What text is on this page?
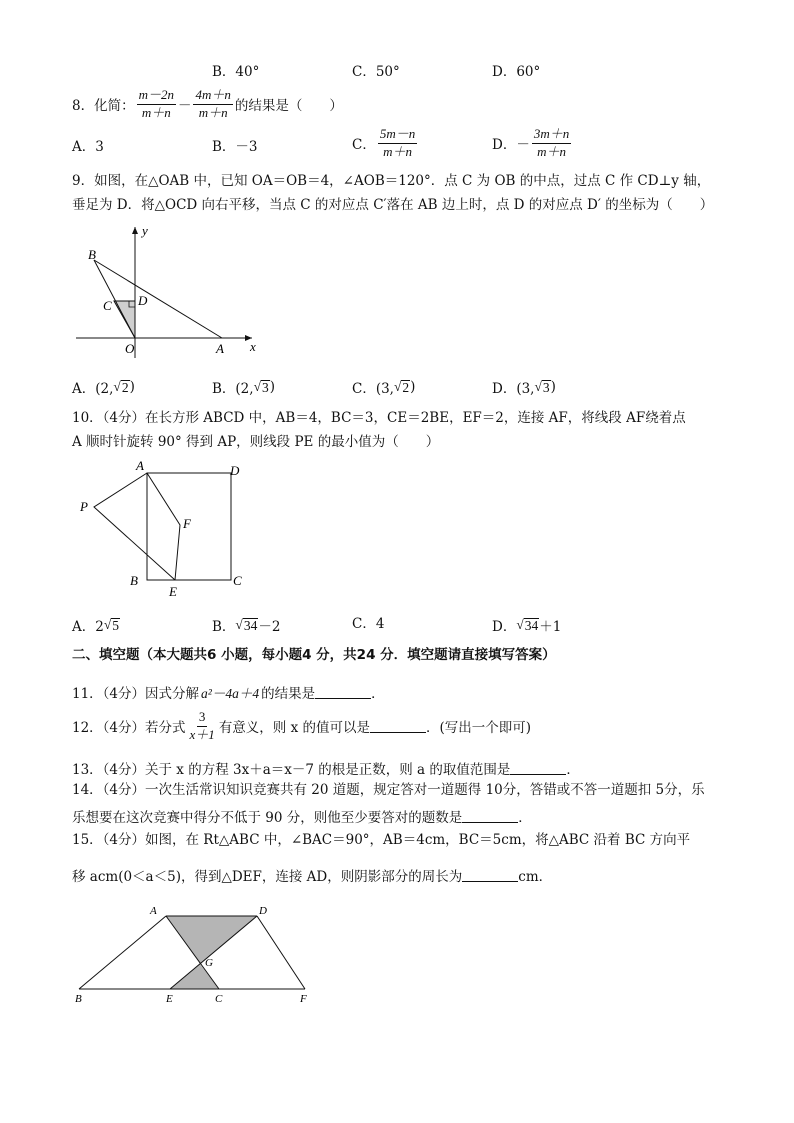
B．40°	C．50°	D．60°
8．化简： $\frac{m-2n}{m+n} - \frac{4m+n}{m+n}$ 的结果是（　　）
A．3	B．－3	C． $\frac{5m-n}{m+n}$	D．－ $\frac{3m+n}{m+n}$
9．如图，在△OAB 中，已知 OA＝OB＝4，∠AOB＝120°．点 C 为 OB 的中点，过点 C 作 CD⊥y 轴，
垂足为 D．将△OCD 向右平移，当点 C 的对应点 C′落在 AB 边上时，点 D 的对应点 D′ 的坐标为（　　）
B
C D
O	A x
y
A．(2, √ 2 )	B．(2, √ 3 )	C．(3, √ 2 )	D．(3, √ 3 )
10．（4分）在长方形 ABCD 中，AB＝4，BC＝3，CE＝2BE，EF＝2，连接 AF，将线段 AF绕着点
A 顺时针旋转 90° 得到 AP，则线段 PE 的最小值为（　　）
A	D
P
F
B
E
C
A．2 √ 5	B． √ 34 －2	C．4	D． √ 34 ＋1
二、填空题（本大题共6 小题，每小题4 分，共24 分．填空题请直接填写答案）
11．（4分）因式分解 a²－4a＋4 的结果是	．
12．（4分）若分式 $\frac{3}{x+1}$ 有意义，则 x 的值可以是	．(写出一个即可)
13．（4分）关于 x 的方程 3x＋a＝x－7 的根是正数，则 a 的取值范围是	．
14．（4分）一次生活常识知识竞赛共有 20 道题，规定答对一道题得 10分，答错或不答一道题扣 5分，乐
乐想要在这次竞赛中得分不低于 90 分，则他至少要答对的题数是	．
15．（4分）如图，在 Rt△ABC 中，∠BAC＝90°，AB＝4cm，BC＝5cm，将△ABC 沿着 BC 方向平
移 acm(0＜a＜5)，得到△DEF，连接 AD，则阴影部分的周长为	cm．
A	D
G
B	E	C	F
